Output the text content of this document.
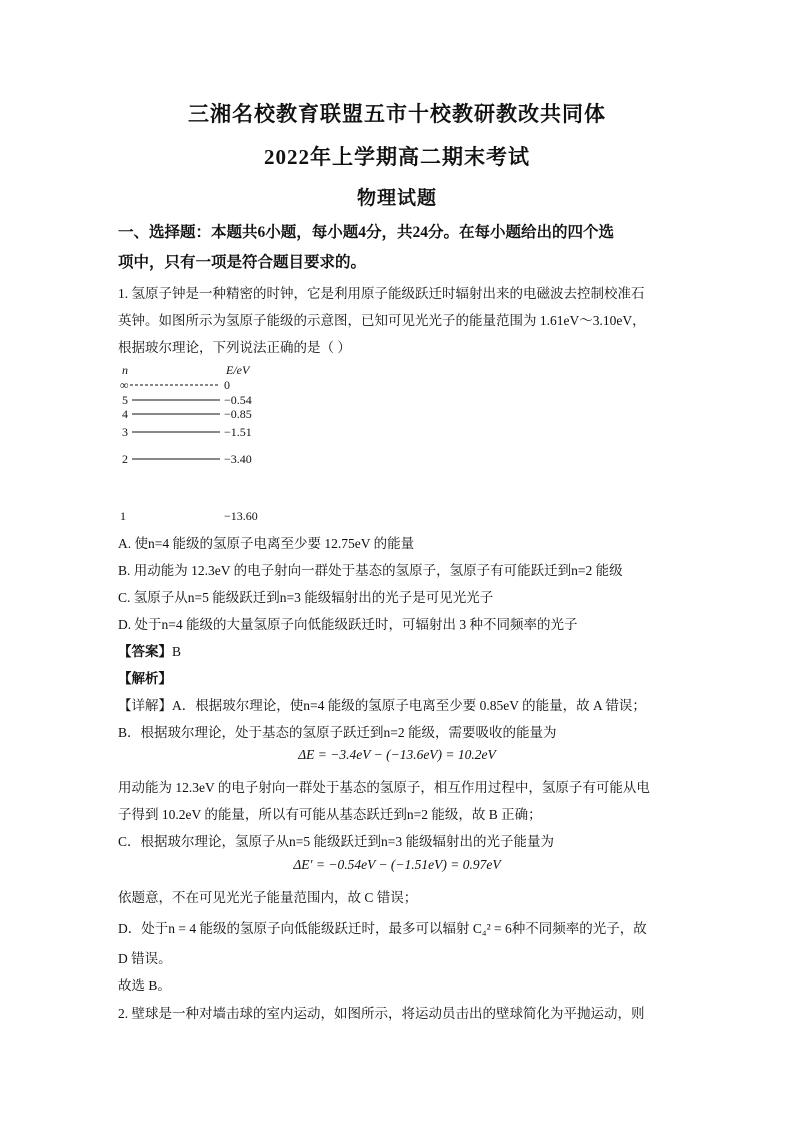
三湘名校教育联盟五市十校教研教改共同体
2022年上学期高二期末考试
物理试题
一、选择题：本题共6小题，每小题4分，共24分。在每小题给出的四个选
项中，只有一项是符合题目要求的。
1. 氢原子钟是一种精密的时钟，它是利用原子能级跃迁时辐射出来的电磁波去控制校准石
英钟。如图所示为氢原子能级的示意图，已知可见光光子的能量范围为 1.61eV～3.10eV，
根据玻尔理论，下列说法正确的是（ ）
n	E/eV
∞	0
5	−0.54
4	−0.85
3	−1.51
2	−3.40
1	−13.60
A. 使n=4 能级的氢原子电离至少要 12.75eV 的能量
B. 用动能为 12.3eV 的电子射向一群处于基态的氢原子，氢原子有可能跃迁到n=2 能级
C. 氢原子从n=5 能级跃迁到n=3 能级辐射出的光子是可见光光子
D. 处于n=4 能级的大量氢原子向低能级跃迁时，可辐射出 3 种不同频率的光子
【答案】B
【解析】
【详解】A．根据玻尔理论，使n=4 能级的氢原子电离至少要 0.85eV 的能量，故 A 错误；
B．根据玻尔理论，处于基态的氢原子跃迁到n=2 能级，需要吸收的能量为
ΔE = −3.4eV − (−13.6eV) = 10.2eV
用动能为 12.3eV 的电子射向一群处于基态的氢原子，相互作用过程中，氢原子有可能从电
子得到 10.2eV 的能量，所以有可能从基态跃迁到n=2 能级，故 B 正确；
C．根据玻尔理论，氢原子从n=5 能级跃迁到n=3 能级辐射出的光子能量为
ΔE′ = −0.54eV − (−1.51eV) = 0.97eV
依题意，不在可见光光子能量范围内，故 C 错误；
D．处于n = 4 能级的氢原子向低能级跃迁时，最多可以辐射 C₄² = 6种不同频率的光子，故
D 错误。
故选 B。
2. 壁球是一种对墙击球的室内运动，如图所示，将运动员击出的壁球简化为平抛运动，则
